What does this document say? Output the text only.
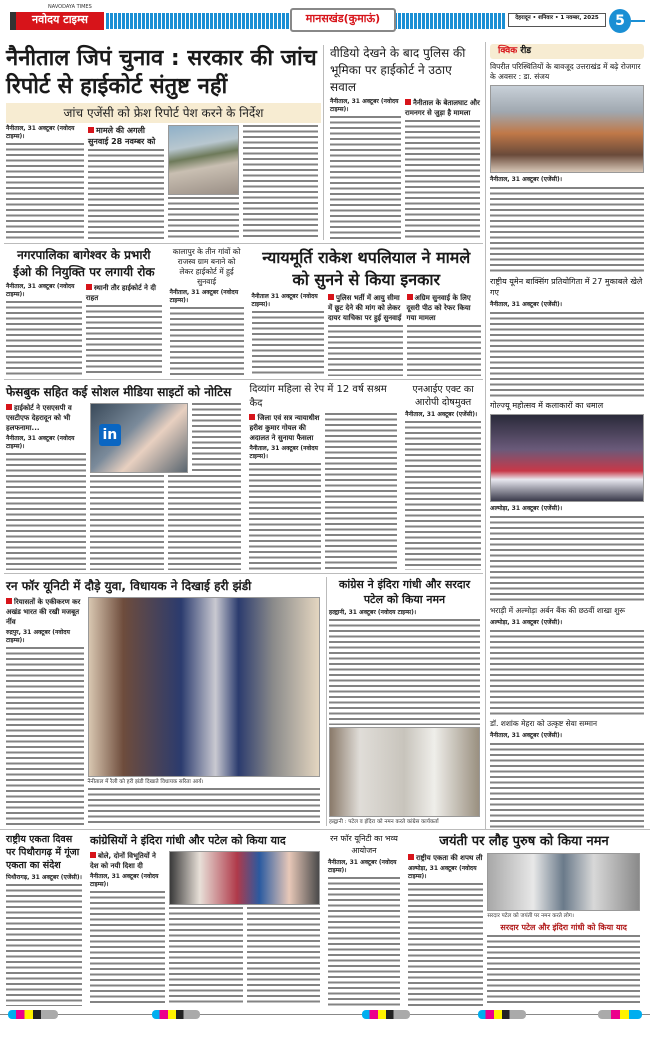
NAVODAYA TIMES
नवोदय टाइम्स	मानसखंड(कुमाऊं)	देहरादून • शनिवार • 1 नवम्बर, 2025	5
नैनीताल जिपं चुनाव : सरकार की जांच रिपोर्ट से हाईकोर्ट संतुष्ट नहीं
जांच एजेंसी को फ्रेश रिपोर्ट पेश करने के निर्देश
नैनीताल, 31 अक्टूबर (नवोदय टाइम्स)।
मामले की अगली सुनवाई 28 नवम्बर को
वीडियो देखने के बाद पुलिस की भूमिका पर हाईकोर्ट ने उठाए सवाल
नैनीताल, 31 अक्टूबर (नवोदय टाइम्स)।
नैनीताल के बेतालघाट और रामनगर से जुड़ा है मामला
नगरपालिका बागेश्वर के प्रभारी ईओ की नियुक्ति पर लगायी रोक
नैनीताल, 31 अक्टूबर (नवोदय टाइम्स)।
स्थानी तौर हाईकोर्ट ने दी राहत
कालापुर के तीन गांवों को राजस्व ग्राम बनाने को लेकर हाईकोर्ट में हुई सुनवाई
नैनीताल, 31 अक्टूबर (नवोदय टाइम्स)।
न्यायमूर्ति राकेश थपलियाल ने मामले को सुनने से किया इनकार
नैनीताल 31 अक्टूबर (नवोदय टाइम्स)।
पुलिस भर्ती में आयु सीमा में छूट देने की मांग को लेकर दायर याचिका पर हुई सुनवाई
अग्रिम सुनवाई के लिए दूसरी पीठ को रेफर किया गया मामला
फेसबुक सहित कई सोशल मीडिया साइटों को नोटिस
हाईकोर्ट ने एसएसपी व एसटीएफ देहरादून को भी हलफनामा...
नैनीताल, 31 अक्टूबर (नवोदय टाइम्स)।
in
दिव्यांग महिला से रेप में 12 वर्ष सश्रम कैद
जिला एवं सत्र न्यायाधीश हरीश कुमार गोयल की अदालत ने सुनाया फैसला
नैनीताल, 31 अक्टूबर (नवोदय टाइम्स)।
एनआईए एक्ट का आरोपी दोषमुक्त
नैनीताल, 31 अक्टूबर (एजेंसी)।
रन फॉर यूनिटी में दौड़े युवा, विधायक ने दिखाई हरी झंडी
रियासतों के एकीकरण कर अखंड भारत की रखी मजबूत नींव
रुद्रपुर, 31 अक्टूबर (नवोदय टाइम्स)।
नैनीताल में रैली को हरी झंडी दिखाते विधायक सरिता आर्य।
कांग्रेस ने इंदिरा गांधी और सरदार पटेल को किया नमन
हल्द्वानी, 31 अक्टूबर (नवोदय टाइम्स)।
हल्द्वानी : पटेल व इंदिरा को नमन करते कांग्रेस कार्यकर्ता
क्विक रीड
विपरीत परिस्थितियों के बावजूद उत्तराखंड में बढ़े रोजगार के अवसर : डा. संजय
नैनीताल, 31 अक्टूबर (एजेंसी)।
राष्ट्रीय यूमेन बाक्सिंग प्रतियोगिता में 27 मुकाबले खेले गए
नैनीताल, 31 अक्टूबर (एजेंसी)।
गोल्ज्यू महोत्सव में कलाकारों का धमाल
अल्मोड़ा, 31 अक्टूबर (एजेंसी)।
भराड़ी में अल्मोड़ा अर्बन बैंक की छठवीं शाखा शुरू
अल्मोड़ा, 31 अक्टूबर (एजेंसी)।
डॉ. शशांक मेहरा को उत्कृष्ट सेवा सम्मान
नैनीताल, 31 अक्टूबर (एजेंसी)।
राष्ट्रीय एकता दिवस पर पिथौरागढ़ में गूंजा एकता का संदेश
पिथौरागढ़, 31 अक्टूबर (एजेंसी)।
कांग्रेसियों ने इंदिरा गांधी और पटेल को किया याद
बोले, दोनों विभूतियों ने देश को नयी दिशा दी
नैनीताल, 31 अक्टूबर (नवोदय टाइम्स)।
रन फॉर यूनिटी का भव्य आयोजन
नैनीताल, 31 अक्टूबर (नवोदय टाइम्स)।
जयंती पर लौह पुरुष को किया नमन
राष्ट्रीय एकता की शपथ ली
अल्मोड़ा, 31 अक्टूबर (नवोदय टाइम्स)।
सरदार पटेल को जयंती पर नमन करते लोग।
सरदार पटेल और इंदिरा गांधी को किया याद
